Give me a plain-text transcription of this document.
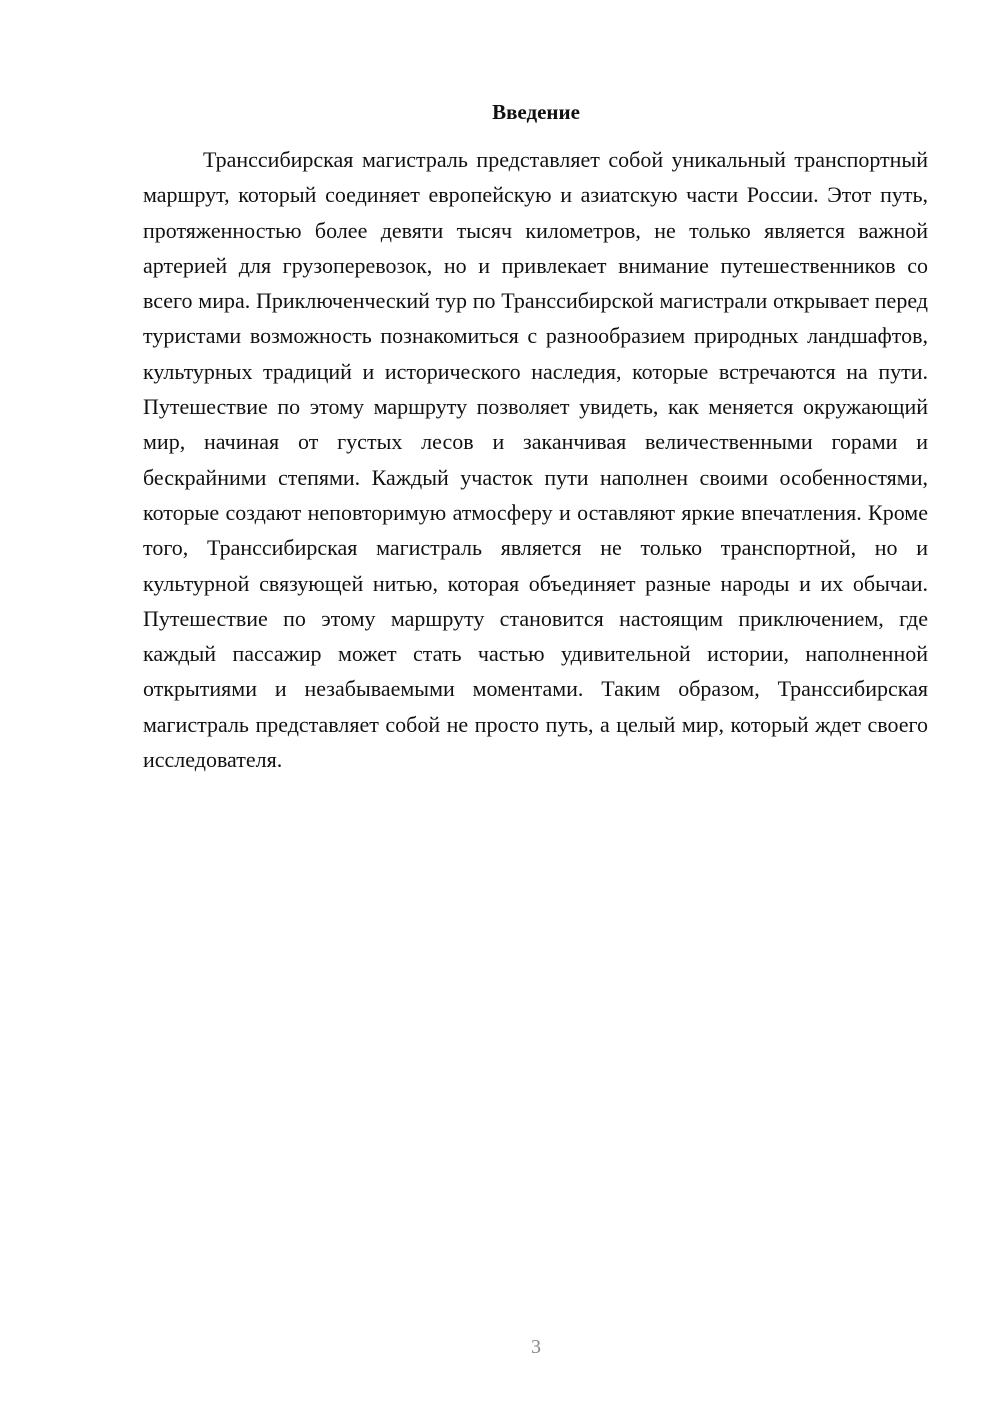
Введение

Транссибирская магистраль представляет собой уникальный транспортный маршрут, который соединяет европейскую и азиатскую части России. Этот путь, протяженностью более девяти тысяч километров, не только является важной артерией для грузоперевозок, но и привлекает внимание путешественников со всего мира. Приключенческий тур по Транссибирской магистрали открывает перед туристами возможность познакомиться с разнообразием природных ландшафтов, культурных традиций и исторического наследия, которые встречаются на пути. Путешествие по этому маршруту позволяет увидеть, как меняется окружающий мир, начиная от густых лесов и заканчивая величественными горами и бескрайними степями. Каждый участок пути наполнен своими особенностями, которые создают неповторимую атмосферу и оставляют яркие впечатления. Кроме того, Транссибирская магистраль является не только транспортной, но и культурной связующей нитью, которая объединяет разные народы и их обычаи. Путешествие по этому маршруту становится настоящим приключением, где каждый пассажир может стать частью удивительной истории, наполненной открытиями и незабываемыми моментами. Таким образом, Транссибирская магистраль представляет собой не просто путь, а целый мир, который ждет своего исследователя.

3
